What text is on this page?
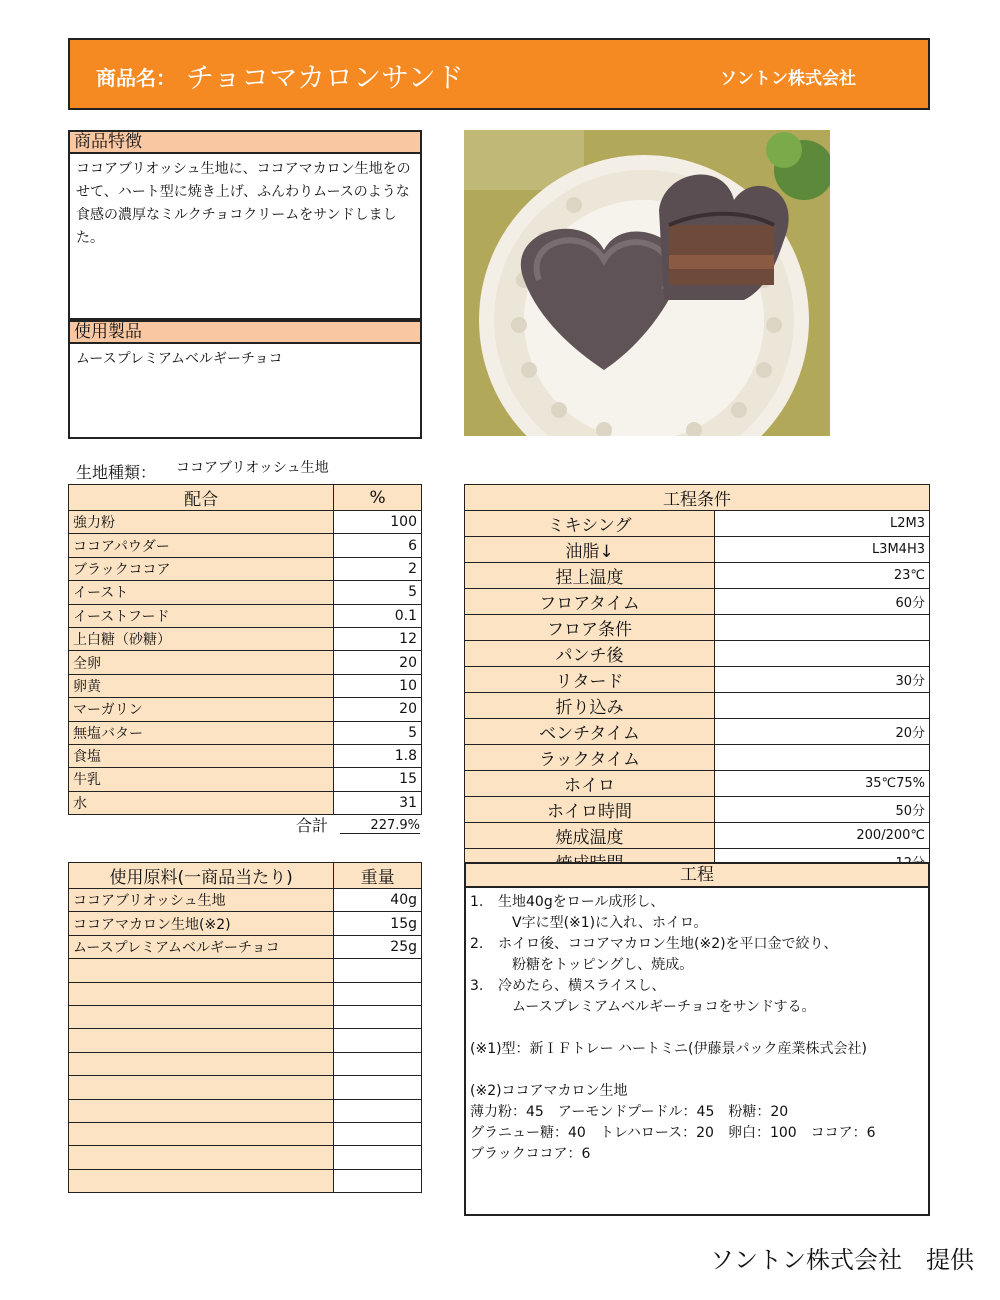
商品名： チョコマカロンサンド	ソントン株式会社
商品特徴
ココアブリオッシュ生地に、ココアマカロン生地をのせて、ハート型に焼き上げ、ふんわりムースのような食感の濃厚なミルクチョコクリームをサンドしました。
使用製品
ムースプレミアムベルギーチョコ
生地種類： ココアブリオッシュ生地
配合	%
強力粉	100
ココアパウダー	6
ブラックココア	2
イースト	5
イーストフード	0.1
上白糖（砂糖）	12
全卵	20
卵黄	10
マーガリン	20
無塩バター	5
食塩	1.8
牛乳	15
水	31
合計	227.9%
工程条件	
ミキシング	L2M3
油脂↓	L3M4H3
捏上温度	23℃
フロアタイム	60分
フロア条件	
パンチ後	
リタード	30分
折り込み	
ベンチタイム	20分
ラックタイム	
ホイロ	35℃75%
ホイロ時間	50分
焼成温度	200/200℃

使用原料(一商品当たり)	重量
ココアブリオッシュ生地	40g
ココアマカロン生地(※2)	15g
ムースプレミアムベルギーチョコ	25g

工程
1.	生地40gをロール成形し、
　V字に型(※1)に入れ、ホイロ。
2.	ホイロ後、ココアマカロン生地(※2)を平口金で絞り、
　粉糖をトッピングし、焼成。
3.	冷めたら、横スライスし、
　ムースプレミアムベルギーチョコをサンドする。
(※1)型：新ＩＦトレー ハートミニ(伊藤景パック産業株式会社)
(※2)ココアマカロン生地
薄力粉：45　アーモンドプードル：45　粉糖：20
グラニュー糖：40　トレハロース：20　卵白：100　ココア：6
ブラックココア：6
ソントン株式会社　提供
